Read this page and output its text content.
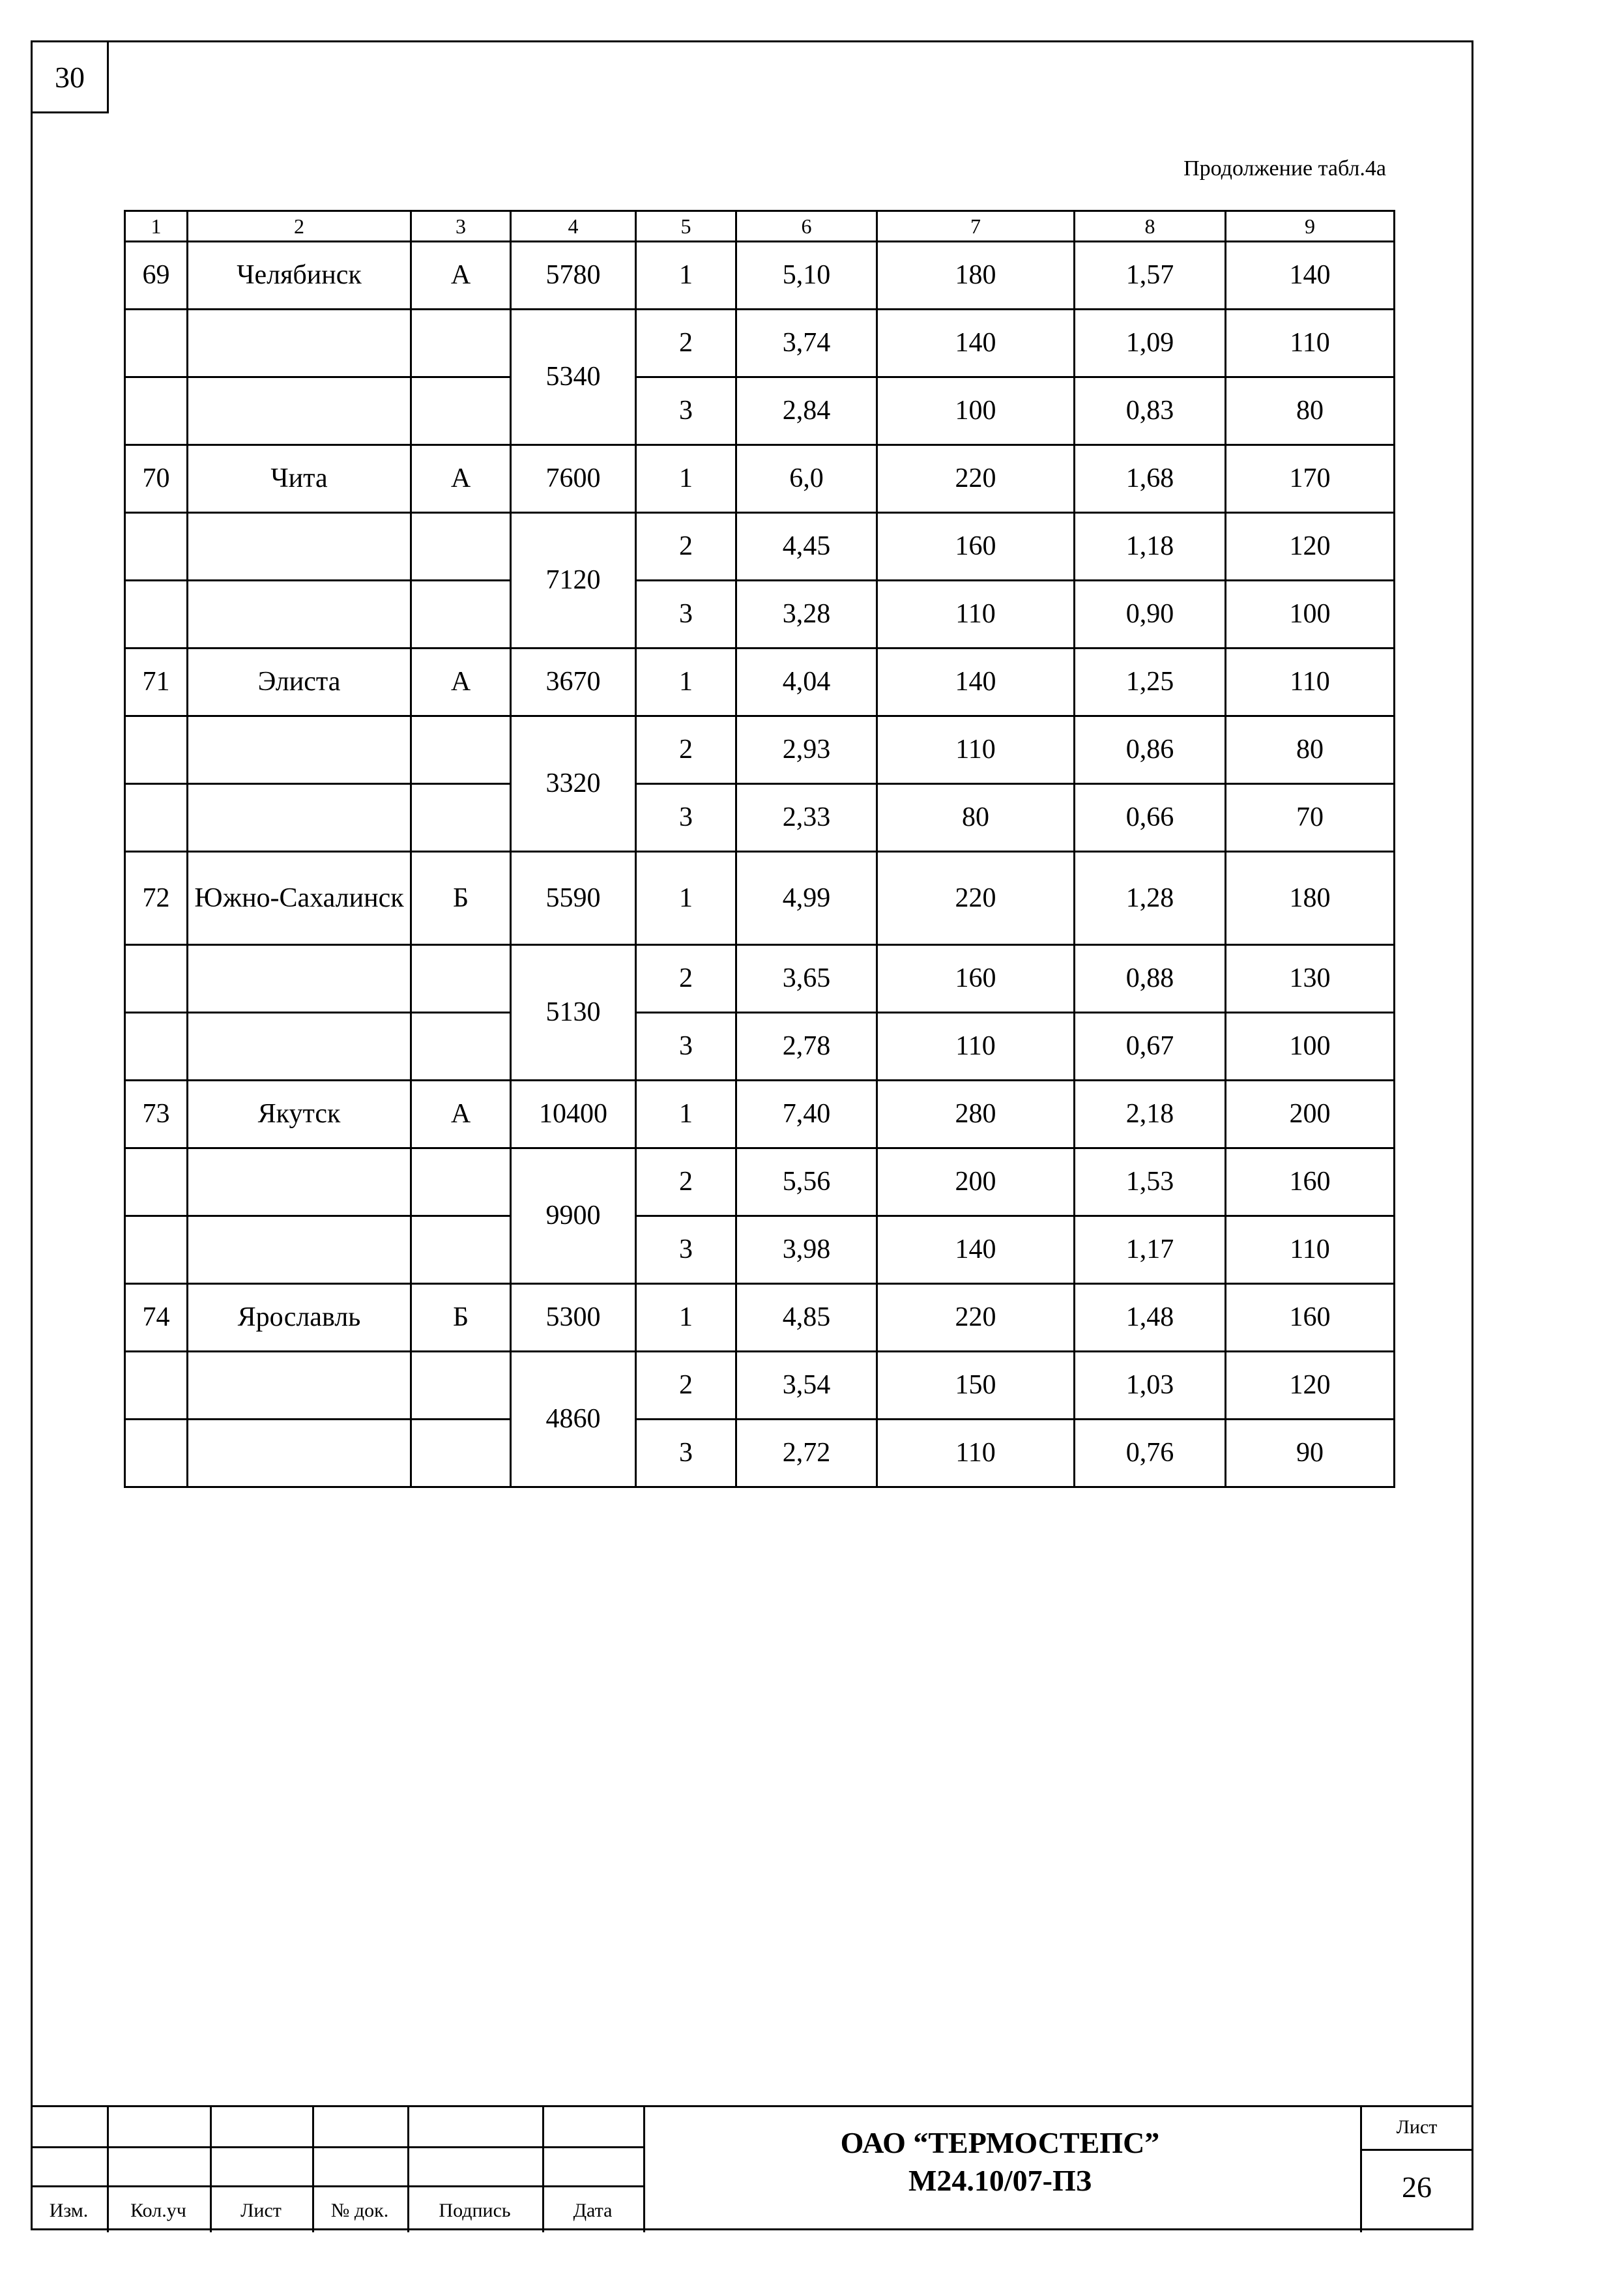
30
Продолжение табл.4а
1	2	3	4	5	6	7	8	9
69	Челябинск	А	5780	1	5,10	180	1,57	140
			5340	2	3,74	140	1,09	110
				3	2,84	100	0,83	80
70	Чита	А	7600	1	6,0	220	1,68	170
			7120	2	4,45	160	1,18	120
				3	3,28	110	0,90	100
71	Элиста	А	3670	1	4,04	140	1,25	110
			3320	2	2,93	110	0,86	80
				3	2,33	80	0,66	70
72	Южно-Сахалинск	Б	5590	1	4,99	220	1,28	180
			5130	2	3,65	160	0,88	130
				3	2,78	110	0,67	100
73	Якутск	А	10400	1	7,40	280	2,18	200
			9900	2	5,56	200	1,53	160
				3	3,98	140	1,17	110
74	Ярославль	Б	5300	1	4,85	220	1,48	160
			4860	2	3,54	150	1,03	120
				3	2,72	110	0,76	90
Изм.	Кол.уч	Лист	№ док.	Подпись	Дата
ОАО “ТЕРМОСТЕПС”
М24.10/07-ПЗ
Лист
26
